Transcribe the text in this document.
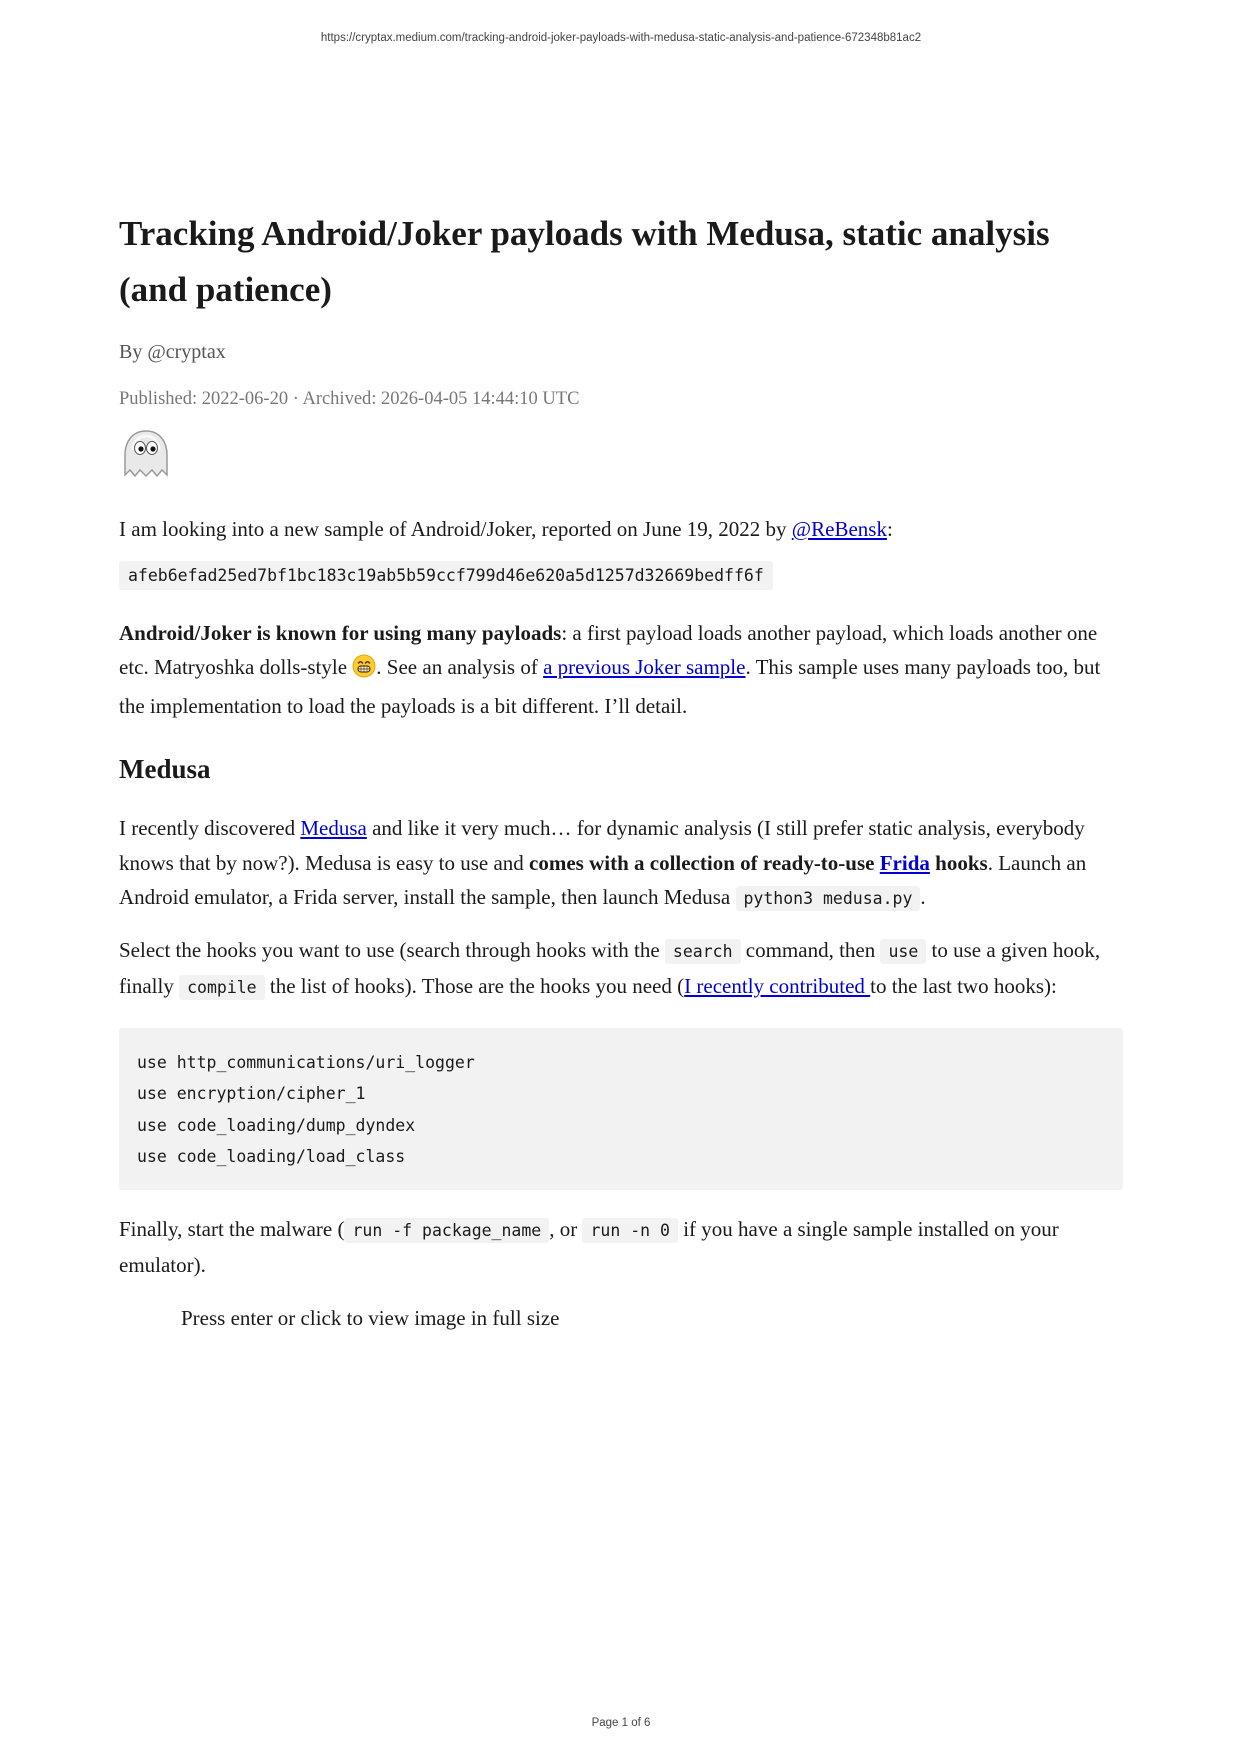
https://cryptax.medium.com/tracking-android-joker-payloads-with-medusa-static-analysis-and-patience-672348b81ac2
Tracking Android/Joker payloads with Medusa, static analysis (and patience)
By @cryptax
Published: 2022-06-20 · Archived: 2026-04-05 14:44:10 UTC

I am looking into a new sample of Android/Joker, reported on June 19, 2022 by @ReBensk:

afeb6efad25ed7bf1bc183c19ab5b59ccf799d46e620a5d1257d32669bedff6f

Android/Joker is known for using many payloads: a first payload loads another payload, which loads another one etc. Matryoshka dolls-style . See an analysis of a previous Joker sample. This sample uses many payloads too, but the implementation to load the payloads is a bit different. I’ll detail.

Medusa

I recently discovered Medusa and like it very much… for dynamic analysis (I still prefer static analysis, everybody knows that by now?). Medusa is easy to use and comes with a collection of ready-to-use Frida hooks. Launch an Android emulator, a Frida server, install the sample, then launch Medusa python3 medusa.py .

Select the hooks you want to use (search through hooks with the search command, then use to use a given hook, finally compile the list of hooks). Those are the hooks you need (I recently contributed to the last two hooks):

use http_communications/uri_logger
use encryption/cipher_1
use code_loading/dump_dyndex
use code_loading/load_class

Finally, start the malware ( run -f package_name , or run -n 0 if you have a single sample installed on your emulator).

Press enter or click to view image in full size
Page 1 of 6
